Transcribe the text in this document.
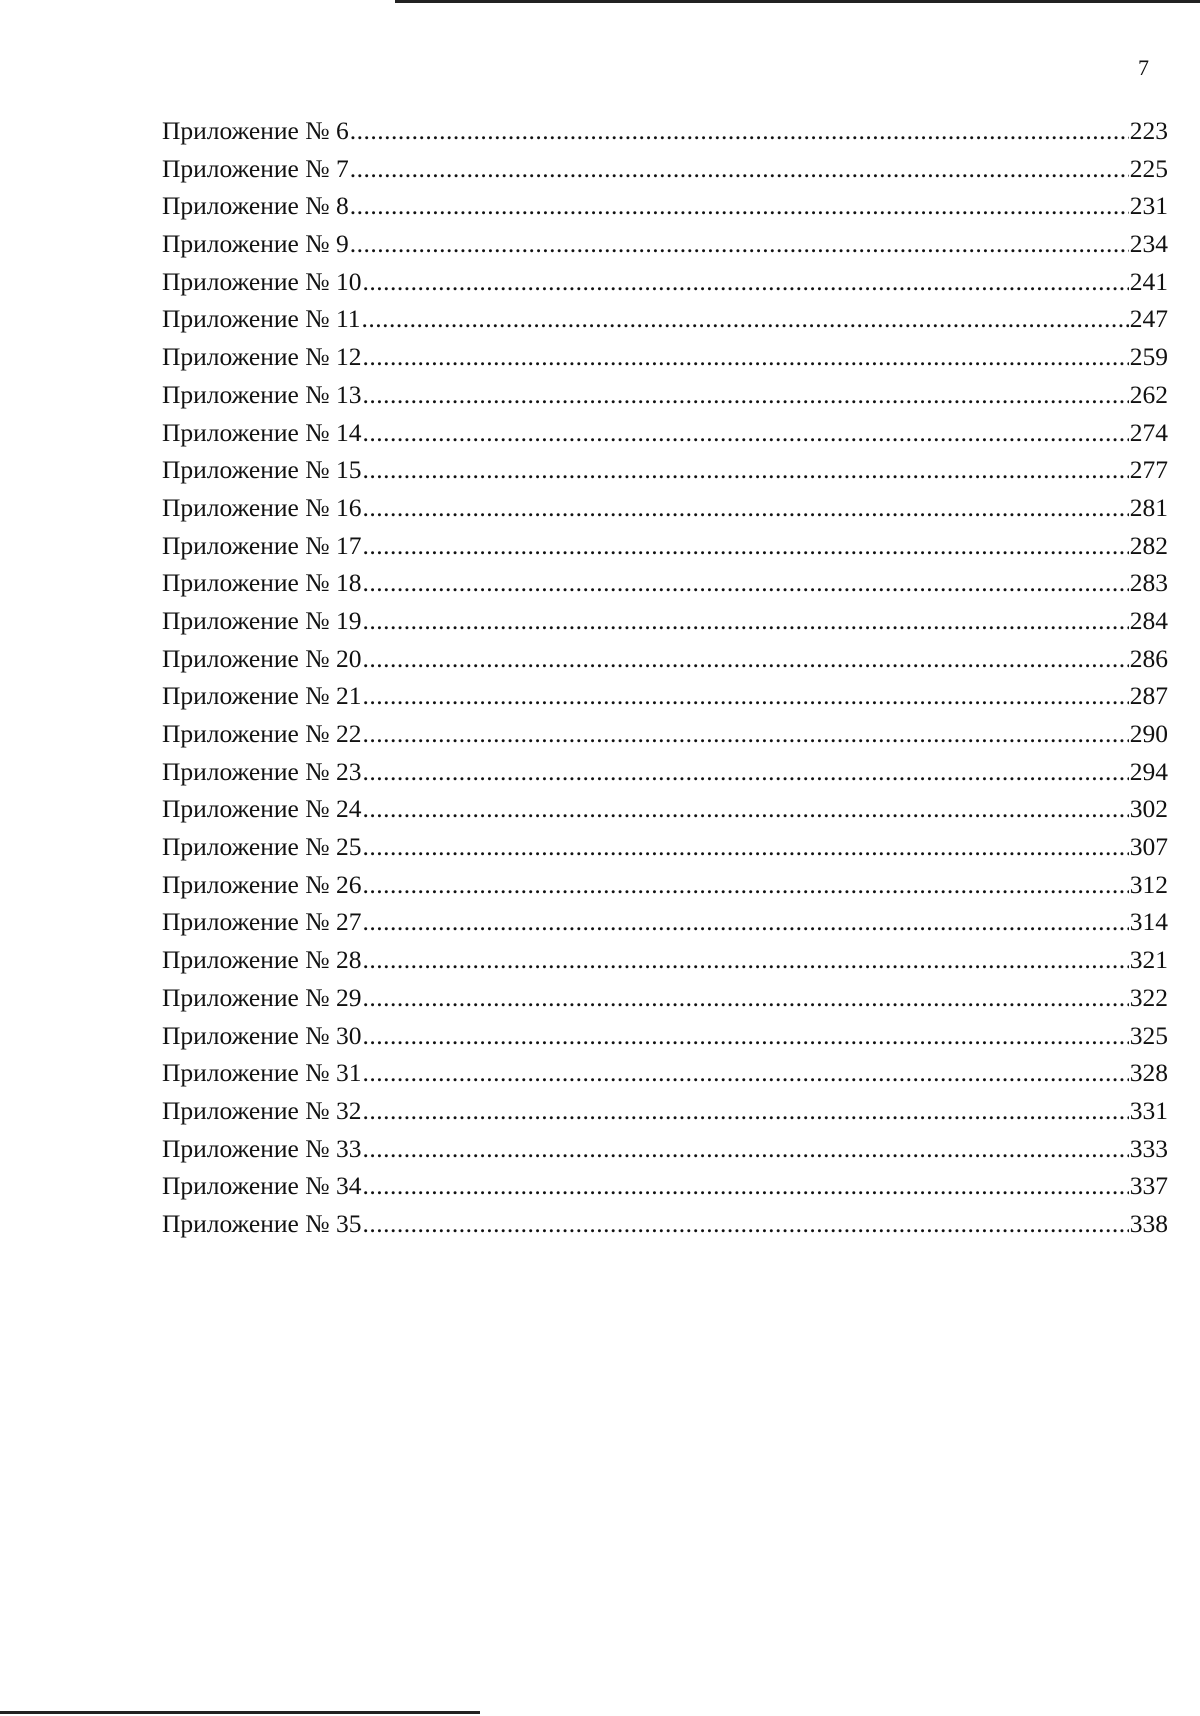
7
Приложение № 6 .....	223
Приложение № 7 .....	225
Приложение № 8 .....	231
Приложение № 9 .....	234
Приложение № 10 .....	241
Приложение № 11 .....	247
Приложение № 12 .....	259
Приложение № 13 .....	262
Приложение № 14 .....	274
Приложение № 15 .....	277
Приложение № 16 .....	281
Приложение № 17 .....	282
Приложение № 18 .....	283
Приложение № 19 .....	284
Приложение № 20 .....	286
Приложение № 21 .....	287
Приложение № 22 .....	290
Приложение № 23 .....	294
Приложение № 24 .....	302
Приложение № 25 .....	307
Приложение № 26 .....	312
Приложение № 27 .....	314
Приложение № 28 .....	321
Приложение № 29 .....	322
Приложение № 30 .....	325
Приложение № 31 .....	328
Приложение № 32 .....	331
Приложение № 33 .....	333
Приложение № 34 .....	337
Приложение № 35 .....	338
